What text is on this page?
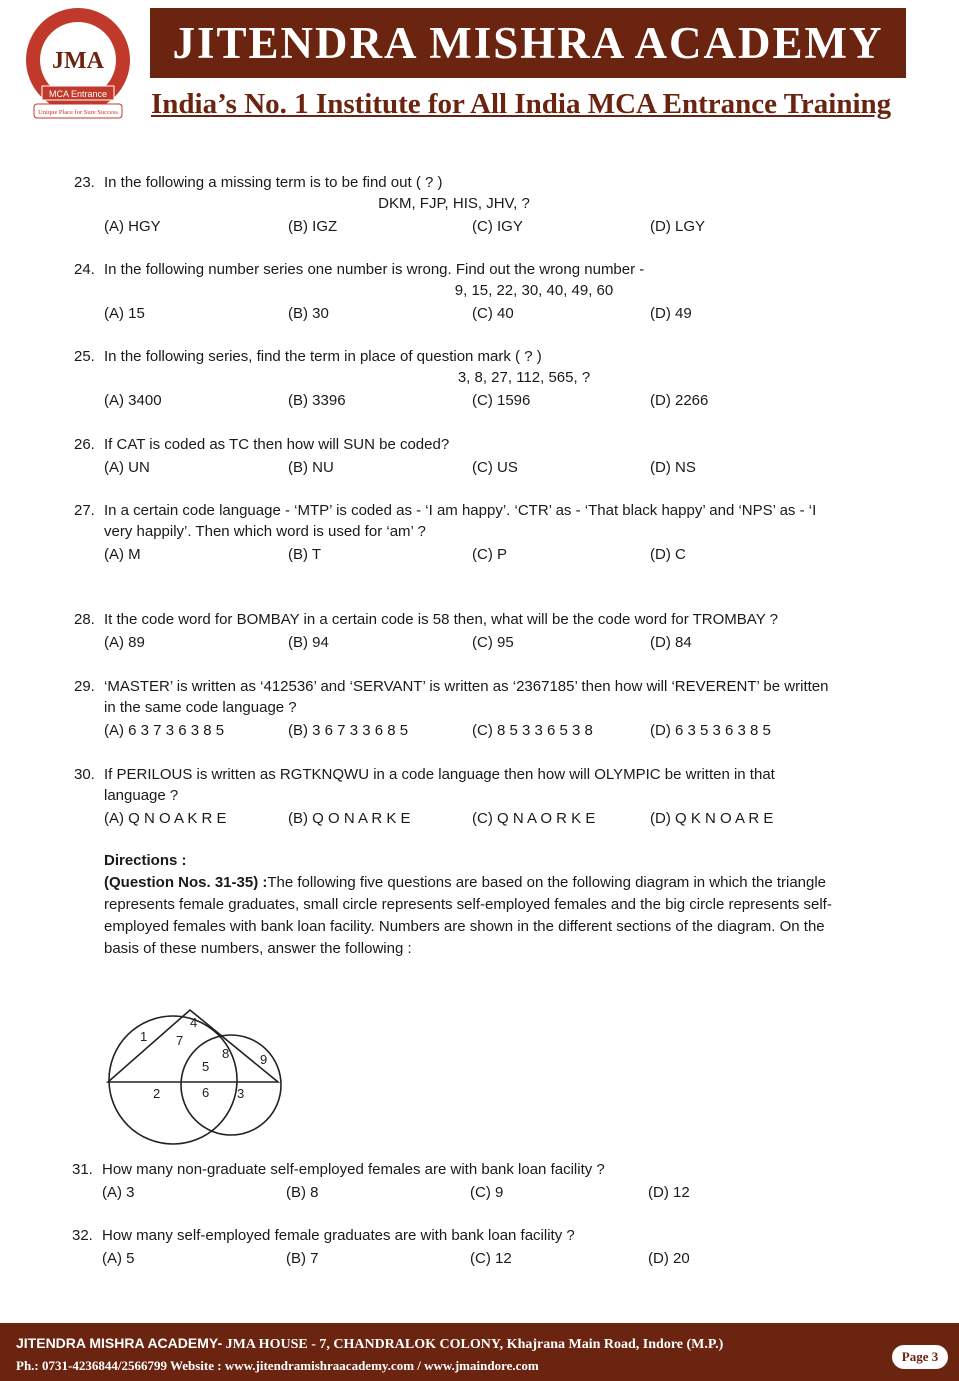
JMA
MCA Entrance
Unique Place for Sure Success
JITENDRA MISHRA ACADEMY
India’s No. 1 Institute for All India MCA Entrance Training
23. In the following a missing term is to be find out ( ? )
DKM, FJP, HIS, JHV, ?
(A) HGY	(B) IGZ	(C) IGY	(D) LGY
24. In the following number series one number is wrong. Find out the wrong number -
9, 15, 22, 30, 40, 49, 60
(A) 15	(B) 30	(C) 40	(D) 49
25. In the following series, find the term in place of question mark ( ? )
3, 8, 27, 112, 565, ?
(A) 3400	(B) 3396	(C) 1596	(D) 2266
26. If CAT is coded as TC then how will SUN be coded?
(A) UN	(B) NU	(C) US	(D) NS
27. In a certain code language - ‘MTP’ is coded as - ‘I am happy’. ‘CTR’ as - ‘That black happy’ and ‘NPS’ as - ‘I very happily’. Then which word is used for ‘am’ ?
(A) M	(B) T	(C) P	(D) C
28. It the code word for BOMBAY in a certain code is 58 then, what will be the code word for TROMBAY ?
(A) 89	(B) 94	(C) 95	(D) 84
29. ‘MASTER’ is written as ‘412536’ and ‘SERVANT’ is written as ‘2367185’ then how will ‘REVERENT’ be written in the same code language ?
(A) 6 3 7 3 6 3 8 5	(B) 3 6 7 3 3 6 8 5	(C) 8 5 3 3 6 5 3 8	(D) 6 3 5 3 6 3 8 5
30. If PERILOUS is written as RGTKNQWU in a code language then how will OLYMPIC be written in that language ?
(A) Q N O A K R E	(B) Q O N A R K E	(C) Q N A O R K E	(D) Q K N O A R E
Directions :
(Question Nos. 31-35) :The following five questions are based on the following diagram in which the triangle represents female graduates, small circle represents self-employed females and the big circle represents self-employed females with bank loan facility. Numbers are shown in the different sections of the diagram. On the basis of these numbers, answer the following :
1 7
4
8 9
5
2	6 3
31. How many non-graduate self-employed females are with bank loan facility ?
(A) 3	(B) 8	(C) 9	(D) 12
32. How many self-employed female graduates are with bank loan facility ?
(A) 5	(B) 7	(C) 12	(D) 20
JITENDRA MISHRA ACADEMY- JMA HOUSE - 7, CHANDRALOK COLONY, Khajrana Main Road, Indore (M.P.)
Ph.: 0731-4236844/2566799 Website : www.jitendramishraacademy.com / www.jmaindore.com
Page 3
